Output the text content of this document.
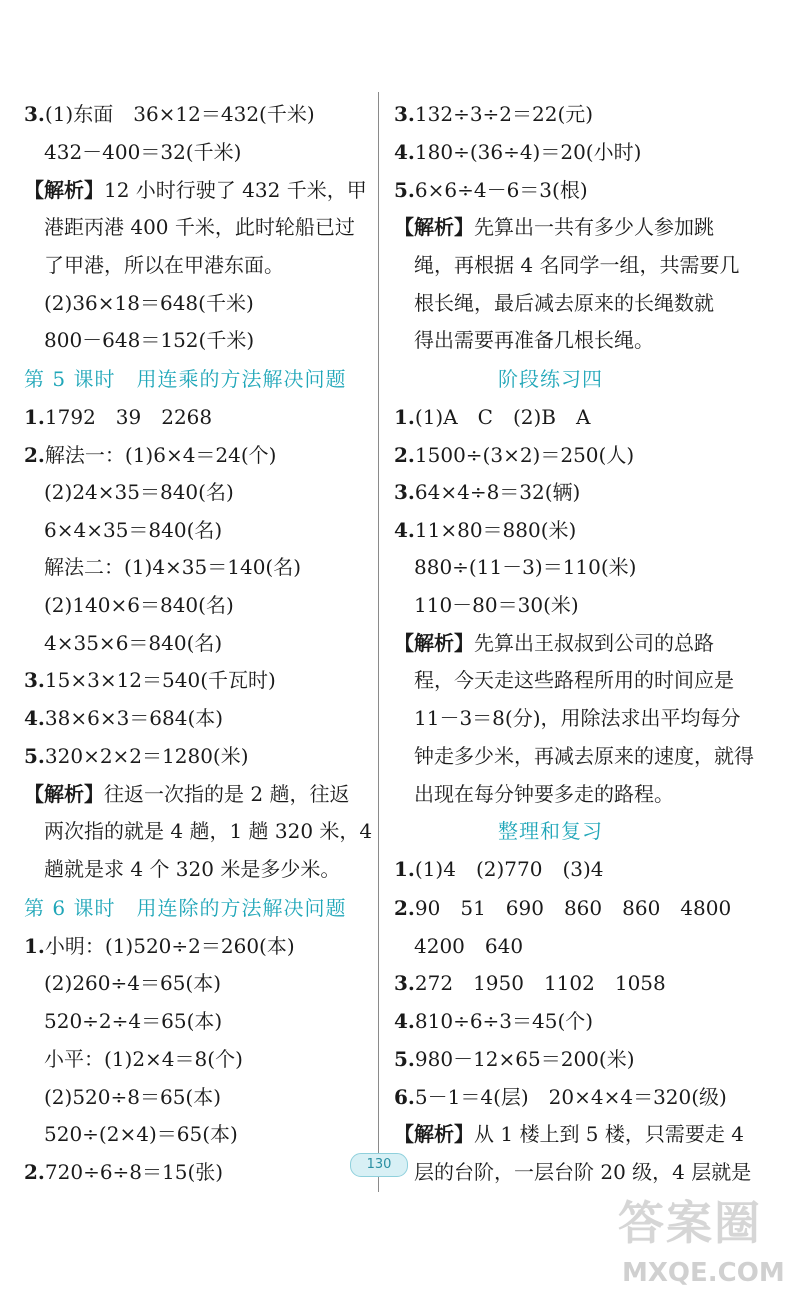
3.(1)东面　36×12＝432(千米)
432－400＝32(千米)
【解析】12 小时行驶了 432 千米，甲
港距丙港 400 千米，此时轮船已过
了甲港，所以在甲港东面。
(2)36×18＝648(千米)
800－648＝152(千米)
第 5 课时　用连乘的方法解决问题
1.1792　39　2268
2.解法一：(1)6×4＝24(个)
(2)24×35＝840(名)
6×4×35＝840(名)
解法二：(1)4×35＝140(名)
(2)140×6＝840(名)
4×35×6＝840(名)
3.15×3×12＝540(千瓦时)
4.38×6×3＝684(本)
5.320×2×2＝1280(米)
【解析】往返一次指的是 2 趟，往返
两次指的就是 4 趟，1 趟 320 米，4
趟就是求 4 个 320 米是多少米。
第 6 课时　用连除的方法解决问题
1.小明：(1)520÷2＝260(本)
(2)260÷4＝65(本)
520÷2÷4＝65(本)
小平：(1)2×4＝8(个)
(2)520÷8＝65(本)
520÷(2×4)＝65(本)
2.720÷6÷8＝15(张)
3.132÷3÷2＝22(元)
4.180÷(36÷4)＝20(小时)
5.6×6÷4－6＝3(根)
【解析】先算出一共有多少人参加跳
绳，再根据 4 名同学一组，共需要几
根长绳，最后减去原来的长绳数就
得出需要再准备几根长绳。
阶段练习四
1.(1)A　C　(2)B　A
2.1500÷(3×2)＝250(人)
3.64×4÷8＝32(辆)
4.11×80＝880(米)
880÷(11－3)＝110(米)
110－80＝30(米)
【解析】先算出王叔叔到公司的总路
程，今天走这些路程所用的时间应是
11－3＝8(分)，用除法求出平均每分
钟走多少米，再减去原来的速度，就得
出现在每分钟要多走的路程。
整理和复习
1.(1)4　(2)770　(3)4
2.90　51　690　860　860　4800
4200　640
3.272　1950　1102　1058
4.810÷6÷3＝45(个)
5.980－12×65＝200(米)
6.5－1＝4(层)　20×4×4＝320(级)
【解析】从 1 楼上到 5 楼，只需要走 4
层的台阶，一层台阶 20 级，4 层就是
130
答案圈
MXQE.COM
